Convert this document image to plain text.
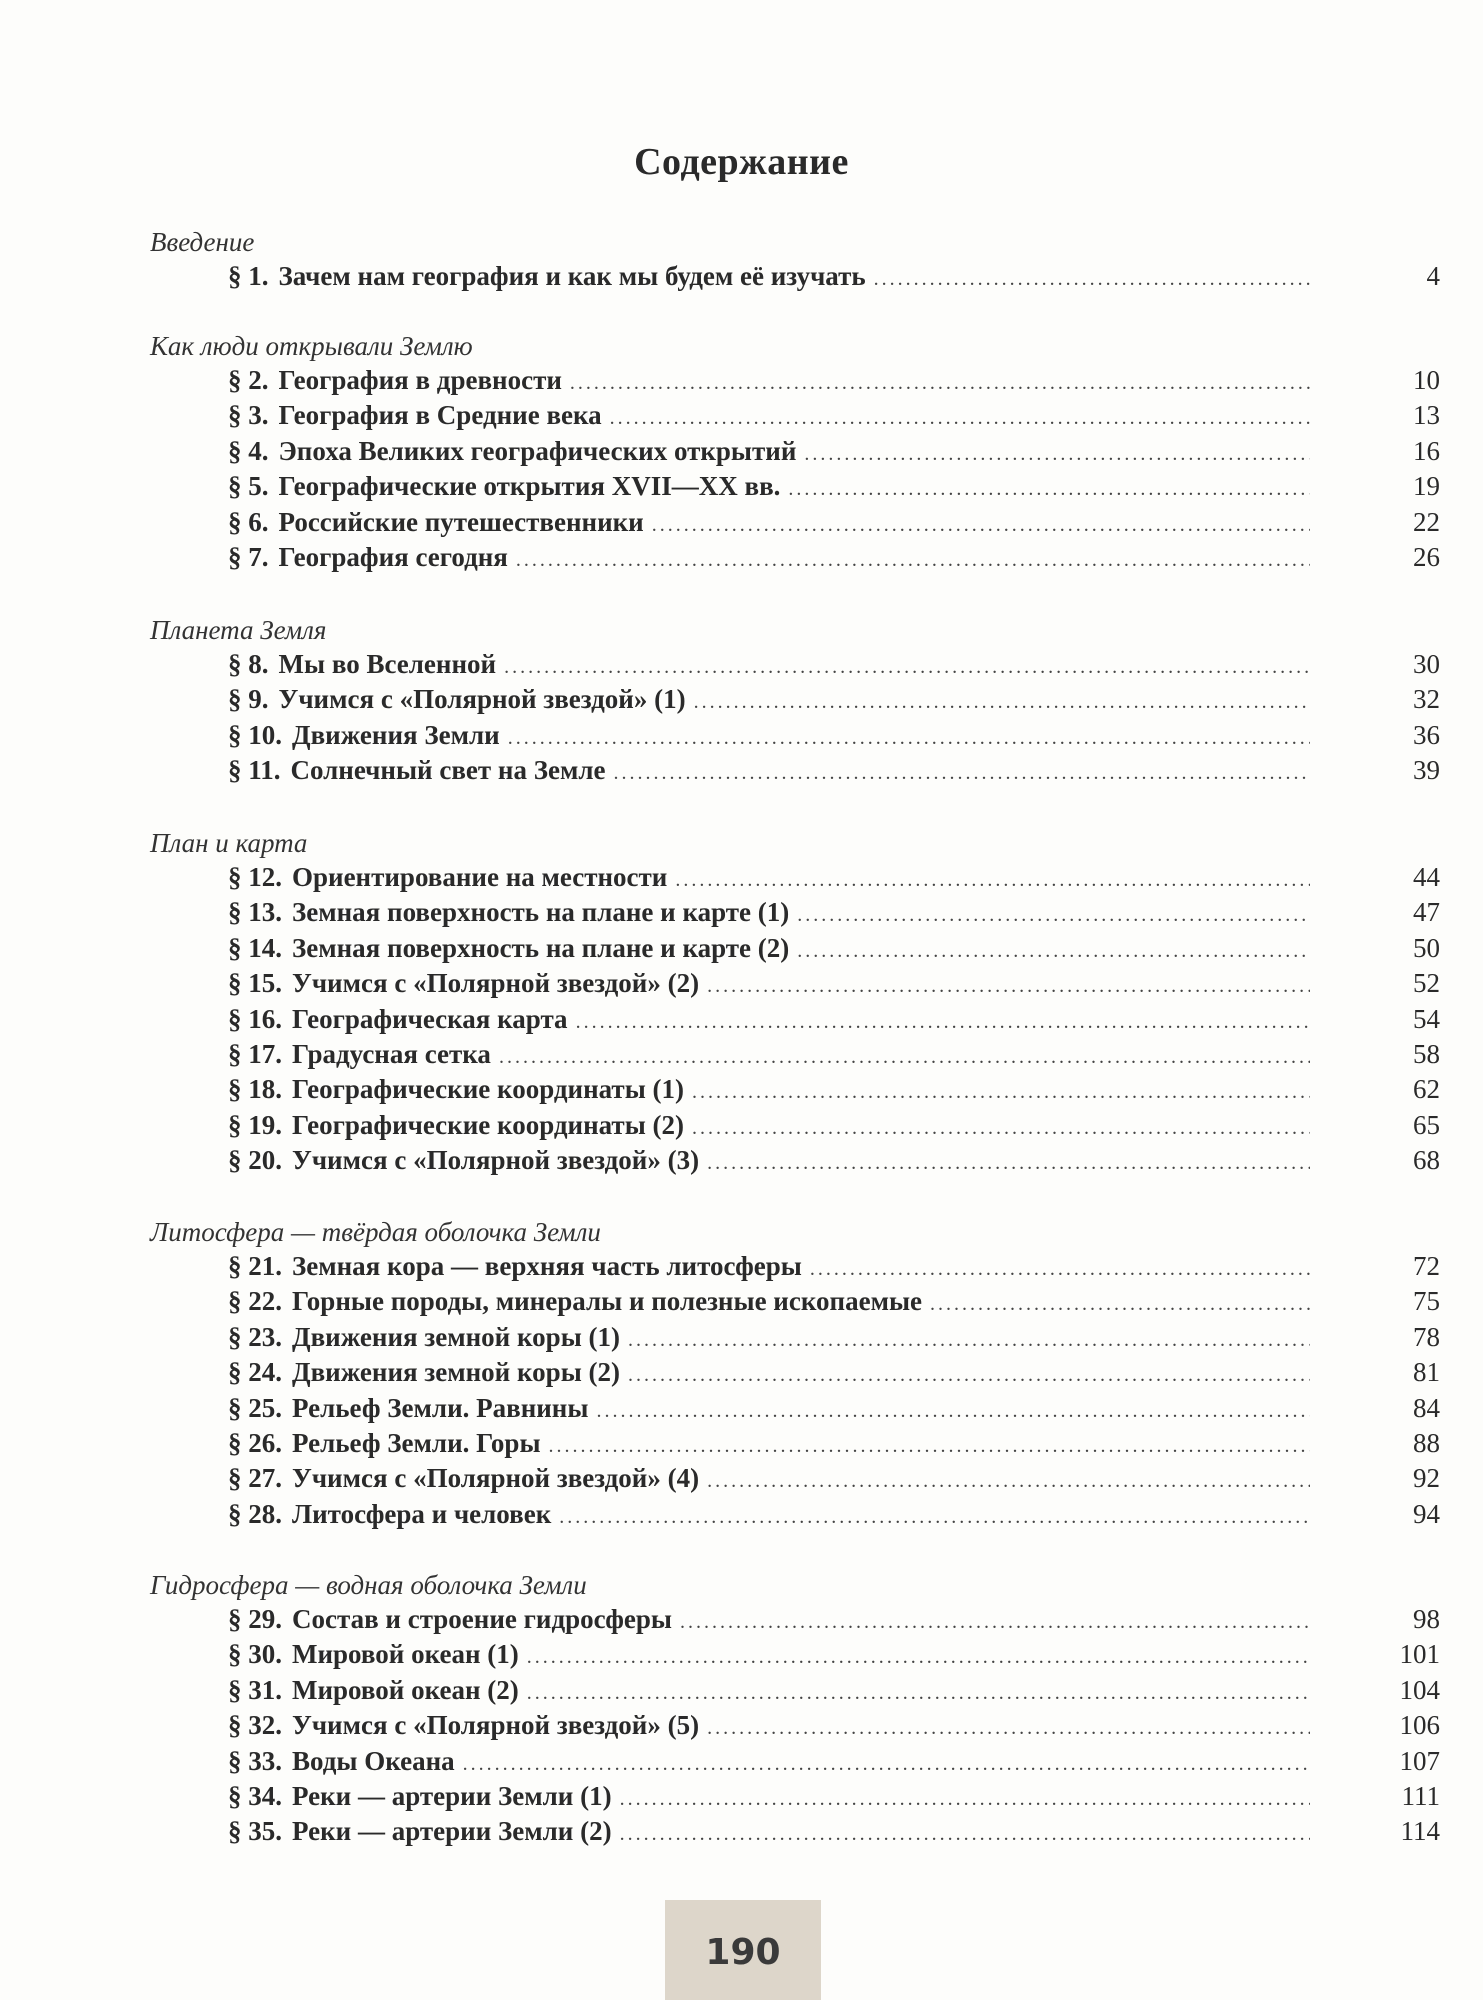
Содержание
Введение
§ 1. Зачем нам география и как мы будем её изучать .....	4
Как люди открывали Землю
§ 2. География в древности .....	10
§ 3. География в Средние века .....	13
§ 4. Эпоха Великих географических открытий .....	16
§ 5. Географические открытия XVII—XX вв. .....	19
§ 6. Российские путешественники .....	22
§ 7. География сегодня .....	26
Планета Земля
§ 8. Мы во Вселенной .....	30
§ 9. Учимся с «Полярной звездой» (1) .....	32
§ 10. Движения Земли .....	36
§ 11. Солнечный свет на Земле .....	39
План и карта
§ 12. Ориентирование на местности .....	44
§ 13. Земная поверхность на плане и карте (1) .....	47
§ 14. Земная поверхность на плане и карте (2) .....	50
§ 15. Учимся с «Полярной звездой» (2) .....	52
§ 16. Географическая карта .....	54
§ 17. Градусная сетка .....	58
§ 18. Географические координаты (1) .....	62
§ 19. Географические координаты (2) .....	65
§ 20. Учимся с «Полярной звездой» (3) .....	68
Литосфера — твёрдая оболочка Земли
§ 21. Земная кора — верхняя часть литосферы .....	72
§ 22. Горные породы, минералы и полезные ископаемые .....	75
§ 23. Движения земной коры (1) .....	78
§ 24. Движения земной коры (2) .....	81
§ 25. Рельеф Земли. Равнины .....	84
§ 26. Рельеф Земли. Горы .....	88
§ 27. Учимся с «Полярной звездой» (4) .....	92
§ 28. Литосфера и человек .....	94
Гидросфера — водная оболочка Земли
§ 29. Состав и строение гидросферы .....	98
§ 30. Мировой океан (1) .....	101
§ 31. Мировой океан (2) .....	104
§ 32. Учимся с «Полярной звездой» (5) .....	106
§ 33. Воды Океана .....	107
§ 34. Реки — артерии Земли (1) .....	111
§ 35. Реки — артерии Земли (2) .....	114
190
